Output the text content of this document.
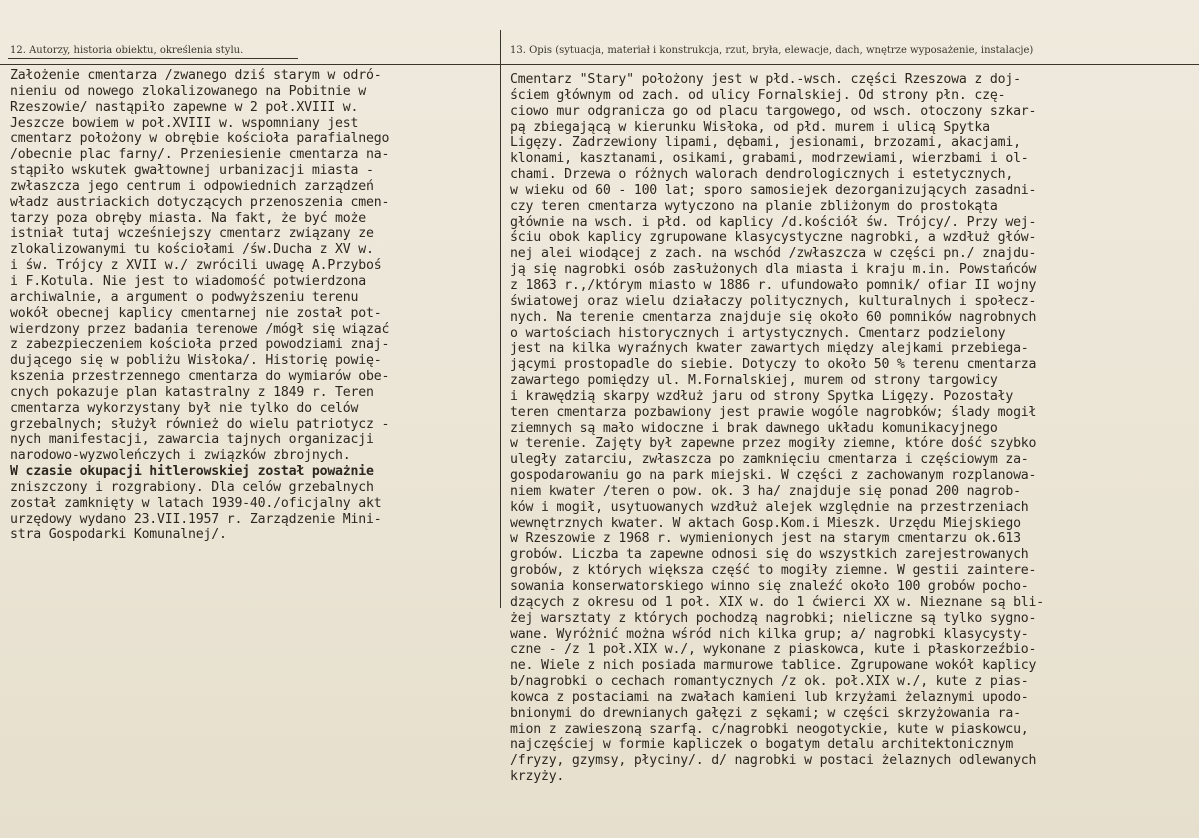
12. Autorzy, historia obiektu, określenia stylu.	13. Opis (sytuacja, materiał i konstrukcja, rzut, bryła, elewacje, dach, wnętrze wyposażenie, instalacje)
Założenie cmentarza /zwanego dziś starym w odró-
nieniu od nowego zlokalizowanego na Pobitnie w
Rzeszowie/ nastąpiło zapewne w 2 poł.XVIII w.
Jeszcze bowiem w poł.XVIII w. wspomniany jest
cmentarz położony w obrębie kościoła parafialnego
/obecnie plac farny/. Przeniesienie cmentarza na-
stąpiło wskutek gwałtownej urbanizacji miasta -
zwłaszcza jego centrum i odpowiednich zarządzeń
władz austriackich dotyczących przenoszenia cmen-
tarzy poza obręby miasta. Na fakt, że być może
istniał tutaj wcześniejszy cmentarz związany ze
zlokalizowanymi tu kościołami /św.Ducha z XV w.
i św. Trójcy z XVII w./ zwrócili uwagę A.Przyboś
i F.Kotula. Nie jest to wiadomość potwierdzona
archiwalnie, a argument o podwyższeniu terenu
wokół obecnej kaplicy cmentarnej nie został pot-
wierdzony przez badania terenowe /mógł się wiązać
z zabezpieczeniem kościoła przed powodziami znaj-
dującego się w pobliżu Wisłoka/. Historię powię-
kszenia przestrzennego cmentarza do wymiarów obe-
cnych pokazuje plan katastralny z 1849 r. Teren
cmentarza wykorzystany był nie tylko do celów
grzebalnych; służył również do wielu patriotycz -
nych manifestacji, zawarcia tajnych organizacji
narodowo-wyzwoleńczych i związków zbrojnych.
W czasie okupacji hitlerowskiej został poważnie
zniszczony i rozgrabiony. Dla celów grzebalnych
został zamknięty w latach 1939-40./oficjalny akt
urzędowy wydano 23.VII.1957 r. Zarządzenie Mini-
stra Gospodarki Komunalnej/.
Cmentarz "Stary" położony jest w płd.-wsch. części Rzeszowa z doj-
ściem głównym od zach. od ulicy Fornalskiej. Od strony płn. czę-
ciowo mur odgranicza go od placu targowego, od wsch. otoczony szkar-
pą zbiegającą w kierunku Wisłoka, od płd. murem i ulicą Spytka
Ligęzy. Zadrzewiony lipami, dębami, jesionami, brzozami, akacjami,
klonami, kasztanami, osikami, grabami, modrzewiami, wierzbami i ol-
chami. Drzewa o różnych walorach dendrologicznych i estetycznych,
w wieku od 60 - 100 lat; sporo samosiejek dezorganizujących zasadni-
czy teren cmentarza wytyczono na planie zbliżonym do prostokąta
głównie na wsch. i płd. od kaplicy /d.kościół św. Trójcy/. Przy wej-
ściu obok kaplicy zgrupowane klasycystyczne nagrobki, a wzdłuż głów-
nej alei wiodącej z zach. na wschód /zwłaszcza w części pn./ znajdu-
ją się nagrobki osób zasłużonych dla miasta i kraju m.in. Powstańców
z 1863 r.,/którym miasto w 1886 r. ufundowało pomnik/ ofiar II wojny
światowej oraz wielu działaczy politycznych, kulturalnych i społecz-
nych. Na terenie cmentarza znajduje się około 60 pomników nagrobnych
o wartościach historycznych i artystycznych. Cmentarz podzielony
jest na kilka wyraźnych kwater zawartych między alejkami przebiega-
jącymi prostopadle do siebie. Dotyczy to około 50 % terenu cmentarza
zawartego pomiędzy ul. M.Fornalskiej, murem od strony targowicy
i krawędzią skarpy wzdłuż jaru od strony Spytka Ligęzy. Pozostały
teren cmentarza pozbawiony jest prawie wogóle nagrobków; ślady mogił
ziemnych są mało widoczne i brak dawnego układu komunikacyjnego
w terenie. Zajęty był zapewne przez mogiły ziemne, które dość szybko
uległy zatarciu, zwłaszcza po zamknięciu cmentarza i częściowym za-
gospodarowaniu go na park miejski. W części z zachowanym rozplanowa-
niem kwater /teren o pow. ok. 3 ha/ znajduje się ponad 200 nagrob-
ków i mogił, usytuowanych wzdłuż alejek względnie na przestrzeniach
wewnętrznych kwater. W aktach Gosp.Kom.i Mieszk. Urzędu Miejskiego
w Rzeszowie z 1968 r. wymienionych jest na starym cmentarzu ok.613
grobów. Liczba ta zapewne odnosi się do wszystkich zarejestrowanych
grobów, z których większa część to mogiły ziemne. W gestii zaintere-
sowania konserwatorskiego winno się znaleźć około 100 grobów pocho-
dzących z okresu od 1 poł. XIX w. do 1 ćwierci XX w. Nieznane są bli-
żej warsztaty z których pochodzą nagrobki; nieliczne są tylko sygno-
wane. Wyróżnić można wśród nich kilka grup; a/ nagrobki klasycysty-
czne - /z 1 poł.XIX w./, wykonane z piaskowca, kute i płaskorzeźbio-
ne. Wiele z nich posiada marmurowe tablice. Zgrupowane wokół kaplicy
b/nagrobki o cechach romantycznych /z ok. poł.XIX w./, kute z pias-
kowca z postaciami na zwałach kamieni lub krzyżami żelaznymi upodo-
bnionymi do drewnianych gałęzi z sękami; w części skrzyżowania ra-
mion z zawieszoną szarfą. c/nagrobki neogotyckie, kute w piaskowcu,
najczęściej w formie kapliczek o bogatym detalu architektonicznym
/fryzy, gzymsy, płyciny/. d/ nagrobki w postaci żelaznych odlewanych
krzyży.
